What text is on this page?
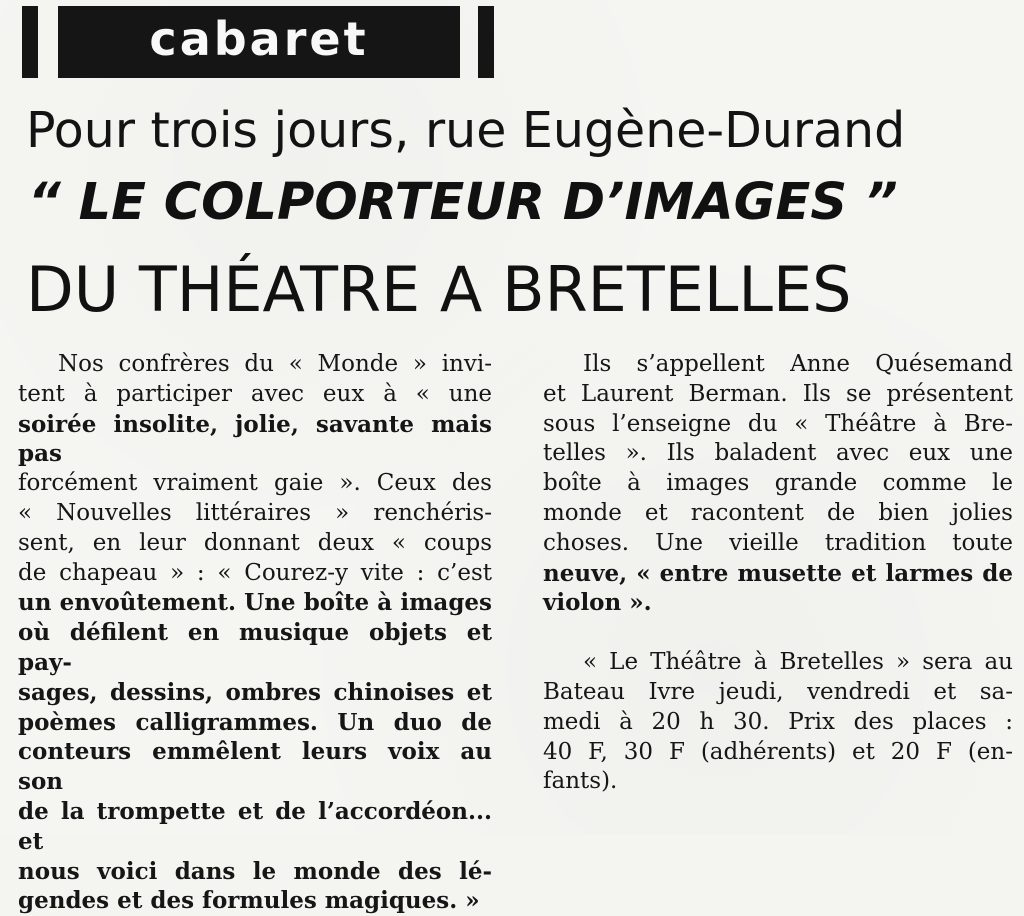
cabaret
Pour trois jours, rue Eugène-Durand
“ LE COLPORTEUR D’IMAGES ”
DU THÉATRE A BRETELLES
Nos confrères du « Monde » invi-
tent à participer avec eux à « une
soirée insolite, jolie, savante mais pas
forcément vraiment gaie ». Ceux des
« Nouvelles littéraires » renchéris-
sent, en leur donnant deux « coups
de chapeau » : « Courez-y vite : c’est
un envoûtement. Une boîte à images
où défilent en musique objets et pay-
sages, dessins, ombres chinoises et
poèmes calligrammes. Un duo de
conteurs emmêlent leurs voix au son
de la trompette et de l’accordéon... et
nous voici dans le monde des lé-
gendes et des formules magiques. »
Ils s’appellent Anne Quésemand
et Laurent Berman. Ils se présentent
sous l’enseigne du « Théâtre à Bre-
telles ». Ils baladent avec eux une
boîte à images grande comme le
monde et racontent de bien jolies
choses. Une vieille tradition toute
neuve, « entre musette et larmes de
violon ».
« Le Théâtre à Bretelles » sera au
Bateau Ivre jeudi, vendredi et sa-
medi à 20 h 30. Prix des places :
40 F, 30 F (adhérents) et 20 F (en-
fants).
